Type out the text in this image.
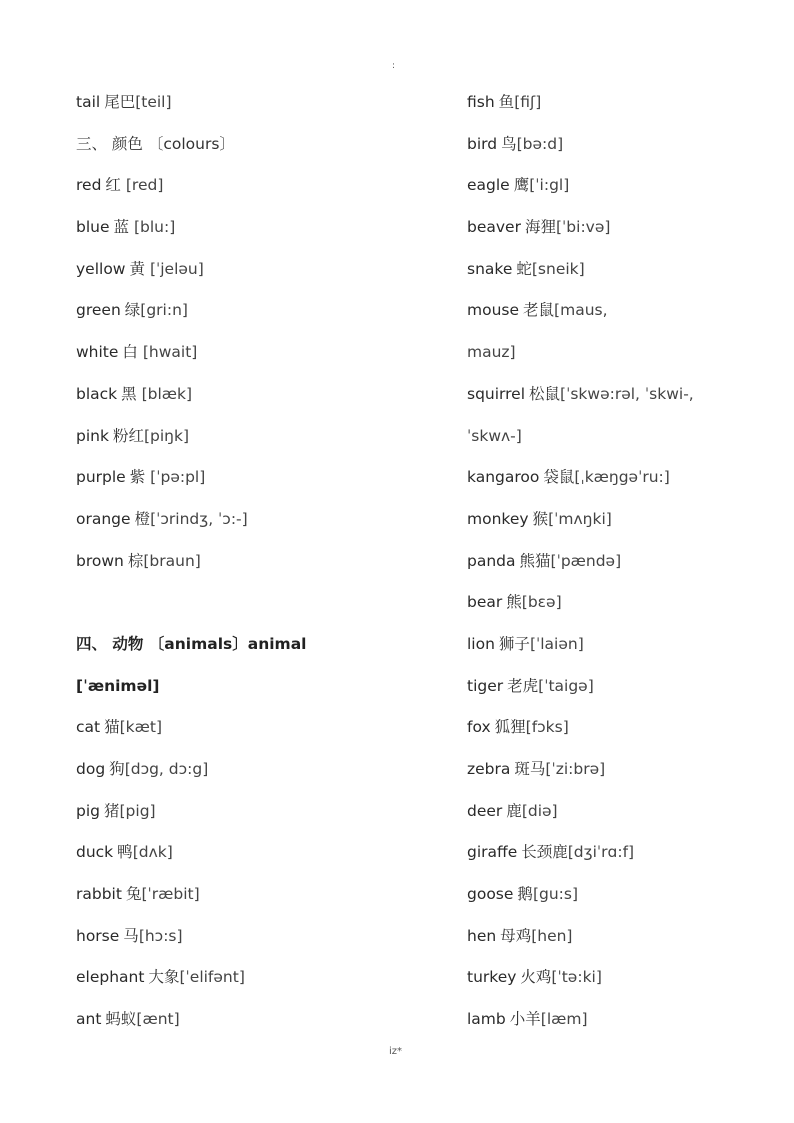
:
tail 尾巴[teil]
三、 颜色 〔colours〕
red 红 [red]
blue 蓝 [blu:]
yellow 黄 [ˈjeləu]
green 绿[gri:n]
white 白 [hwait]
black 黑 [blæk]
pink 粉红[piŋk]
purple 紫 [ˈpə:pl]
orange 橙[ˈɔrindʒ, ˈɔ:-]
brown 棕[braun]
四、 动物 〔animals〕animal
[ˈæniməl]
cat 猫[kæt]
dog 狗[dɔg, dɔ:g]
pig 猪[pig]
duck 鸭[dʌk]
rabbit 兔[ˈræbit]
horse 马[hɔ:s]
elephant 大象[ˈelifənt]
ant 蚂蚁[ænt]
fish 鱼[fiʃ]
bird 鸟[bə:d]
eagle 鹰[ˈi:gl]
beaver 海狸[ˈbi:və]
snake 蛇[sneik]
mouse 老鼠[maus,
mauz]
squirrel 松鼠[ˈskwə:rəl, ˈskwi-,
ˈskwʌ-]
kangaroo 袋鼠[ˌkæŋgəˈru:]
monkey 猴[ˈmʌŋki]
panda 熊猫[ˈpændə]
bear 熊[bɛə]
lion 狮子[ˈlaiən]
tiger 老虎[ˈtaigə]
fox 狐狸[fɔks]
zebra 斑马[ˈzi:brə]
deer 鹿[diə]
giraffe 长颈鹿[dʒiˈrɑ:f]
goose 鹅[gu:s]
hen 母鸡[hen]
turkey 火鸡[ˈtə:ki]
lamb 小羊[læm]
iz*
